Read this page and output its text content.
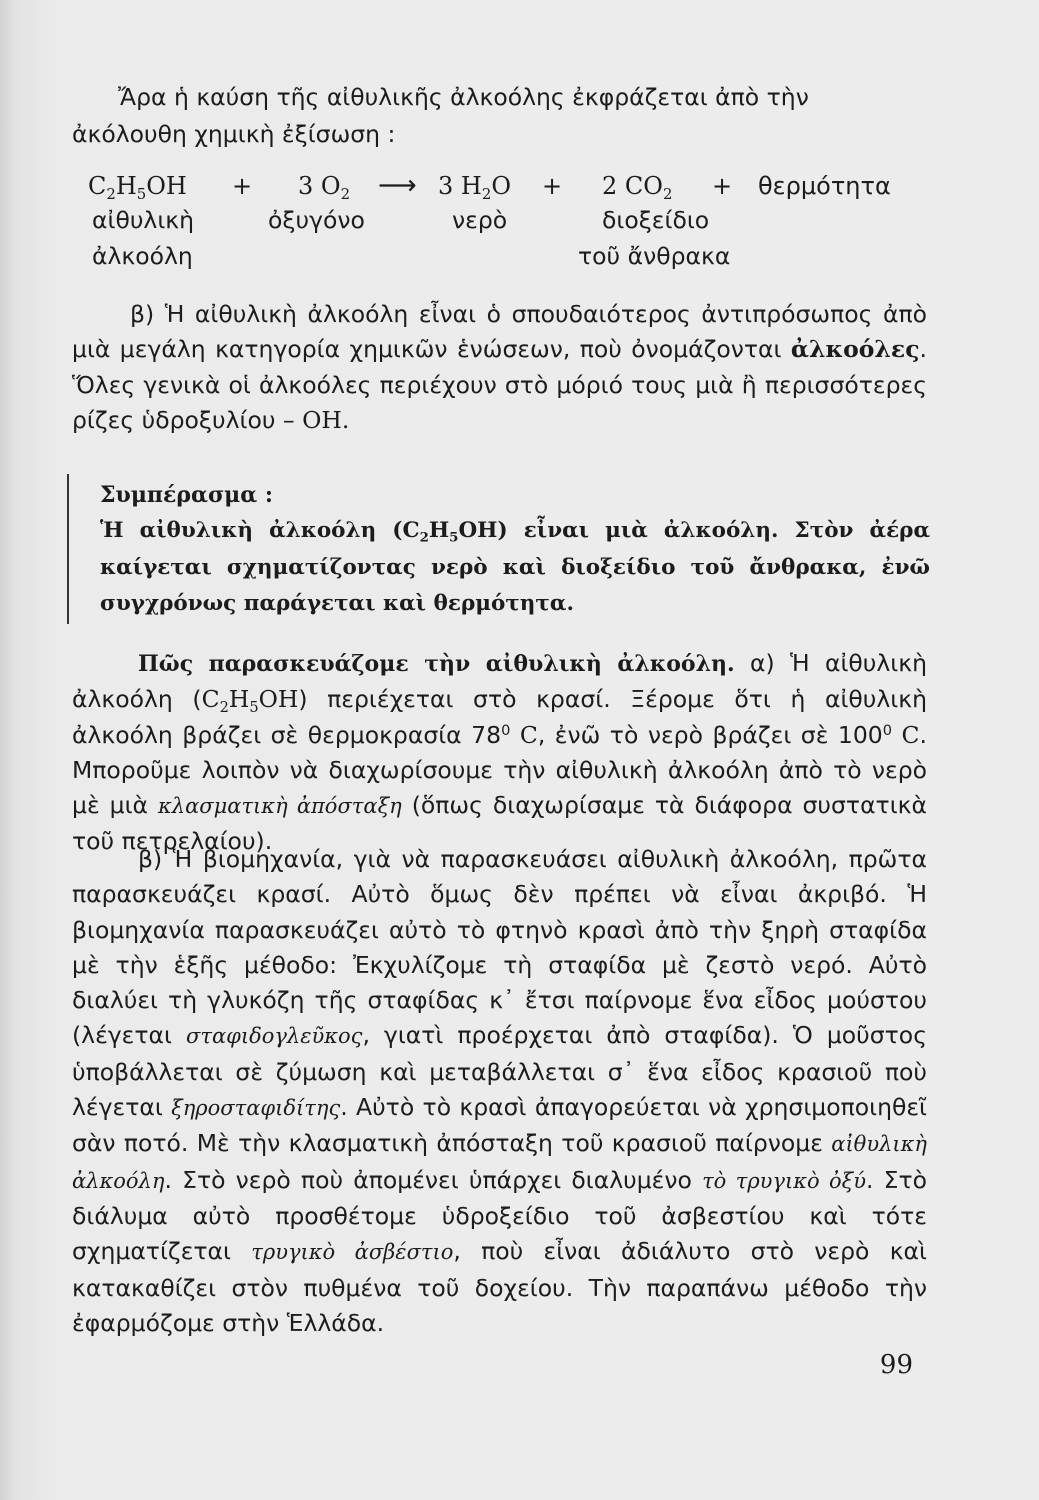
Ἄρα ἡ καύση τῆς αἰθυλικῆς ἀλκοόλης ἐκφράζεται ἀπὸ τὴν
ἀκόλουθη χημικὴ ἐξίσωση :
$C_2H_5OH + 3$ $O_2$ ⟶ 3 $H_2O + 2$ $CO_2 + \theta\varepsilon\rho\mu ό\tau\eta\tau\alpha$
αἰθυλικὴ
ἀλκοόλη
ὀξυγόνο	νερὸ	διοξείδιο
τοῦ ἄνθρακα

β) Ἡ αἰθυλικὴ ἀλκοόλη εἶναι ὁ σπουδαιότερος ἀντιπρόσωπος ἀπὸ μιὰ μεγάλη κατηγορία χημικῶν ἑνώσεων, ποὺ ὀνομάζονται ἀλκοόλες. Ὅλες γενικὰ οἱ ἀλκοόλες περιέχουν στὸ μόριό τους μιὰ ἢ περισσότερες ρίζες ὑδροξυλίου – OH.

Συμπέρασμα :

Ἡ αἰθυλικὴ ἀλκοόλη $(C_2H_5OH)$ εἶναι μιὰ ἀλκοόλη. Στὸν ἀέρα καίγεται σχηματίζοντας νερὸ καὶ διοξείδιο τοῦ ἄνθρακα, ἐνῶ συγχρόνως παράγεται καὶ θερμότητα.

Πῶς παρασκευάζομε τὴν αἰθυλικὴ ἀλκοόλη. α) Ἡ αἰθυλικὴ ἀλκοόλη $(C_2H_5OH)$ περιέχεται στὸ κρασί. Ξέρομε ὅτι ἡ αἰθυλικὴ ἀλκοόλη βράζει σὲ θερμοκρασία $78^0$ C, ἐνῶ τὸ νερὸ βράζει σὲ $100^0$ C. Μποροῦμε λοιπὸν νὰ διαχωρίσουμε τὴν αἰθυλικὴ ἀλκοόλη ἀπὸ τὸ νερὸ μὲ μιὰ κλασματικὴ ἀπόσταξη (ὅπως διαχωρίσαμε τὰ διάφορα συστατικὰ τοῦ πετρελαίου).

β) Ἡ βιομηχανία, γιὰ νὰ παρασκευάσει αἰθυλικὴ ἀλκοόλη, πρῶτα παρασκευάζει κρασί. Αὐτὸ ὅμως δὲν πρέπει νὰ εἶναι ἀκριβό. Ἡ βιομηχανία παρασκευάζει αὐτὸ τὸ φτηνὸ κρασὶ ἀπὸ τὴν ξηρὴ σταφίδα μὲ τὴν ἑξῆς μέθοδο: Ἐκχυλίζομε τὴ σταφίδα μὲ ζεστὸ νερό. Αὐτὸ διαλύει τὴ γλυκόζη τῆς σταφίδας κ᾽ ἔτσι παίρνομε ἕνα εἶδος μούστου (λέγεται σταφιδογλεῦκος, γιατὶ προέρχεται ἀπὸ σταφίδα). Ὁ μοῦστος ὑποβάλλεται σὲ ζύμωση καὶ μεταβάλλεται σ᾽ ἕνα εἶδος κρασιοῦ ποὺ λέγεται ξηροσταφιδίτης. Αὐτὸ τὸ κρασὶ ἀπαγορεύεται νὰ χρησιμοποιηθεῖ σὰν ποτό. Μὲ τὴν κλασματικὴ ἀπόσταξη τοῦ κρασιοῦ παίρνομε αἰθυλικὴ ἀλκοόλη. Στὸ νερὸ ποὺ ἀπομένει ὑπάρχει διαλυμένο τὸ τρυγικὸ ὀξύ. Στὸ διάλυμα αὐτὸ προσθέτομε ὑδροξείδιο τοῦ ἀσβεστίου καὶ τότε σχηματίζεται τρυγικὸ ἀσβέστιο, ποὺ εἶναι ἀδιάλυτο στὸ νερὸ καὶ κατακαθίζει στὸν πυθμένα τοῦ δοχείου. Τὴν παραπάνω μέθοδο τὴν ἐφαρμόζομε στὴν Ἑλλάδα.

99
